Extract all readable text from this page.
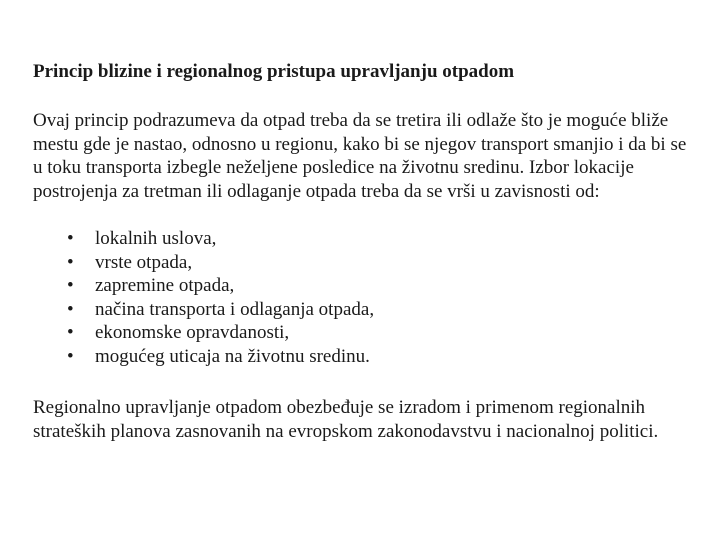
Princip blizine i regionalnog pristupa upravljanju otpadom

Ovaj princip podrazumeva da otpad treba da se tretira ili odlaže što je moguće bliže mestu gde je nastao, odnosno u regionu, kako bi se njegov transport smanjio i da bi se u toku transporta izbegle neželjene posledice na životnu sredinu. Izbor lokacije postrojenja za tretman ili odlaganje otpada treba da se vrši u zavisnosti od:

• lokalnih uslova,
• vrste otpada,
• zapremine otpada,
• načina transporta i odlaganja otpada,
• ekonomske opravdanosti,
• mogućeg uticaja na životnu sredinu.

Regionalno upravljanje otpadom obezbeđuje se izradom i primenom regionalnih strateških planova zasnovanih na evropskom zakonodavstvu i nacionalnoj politici.
